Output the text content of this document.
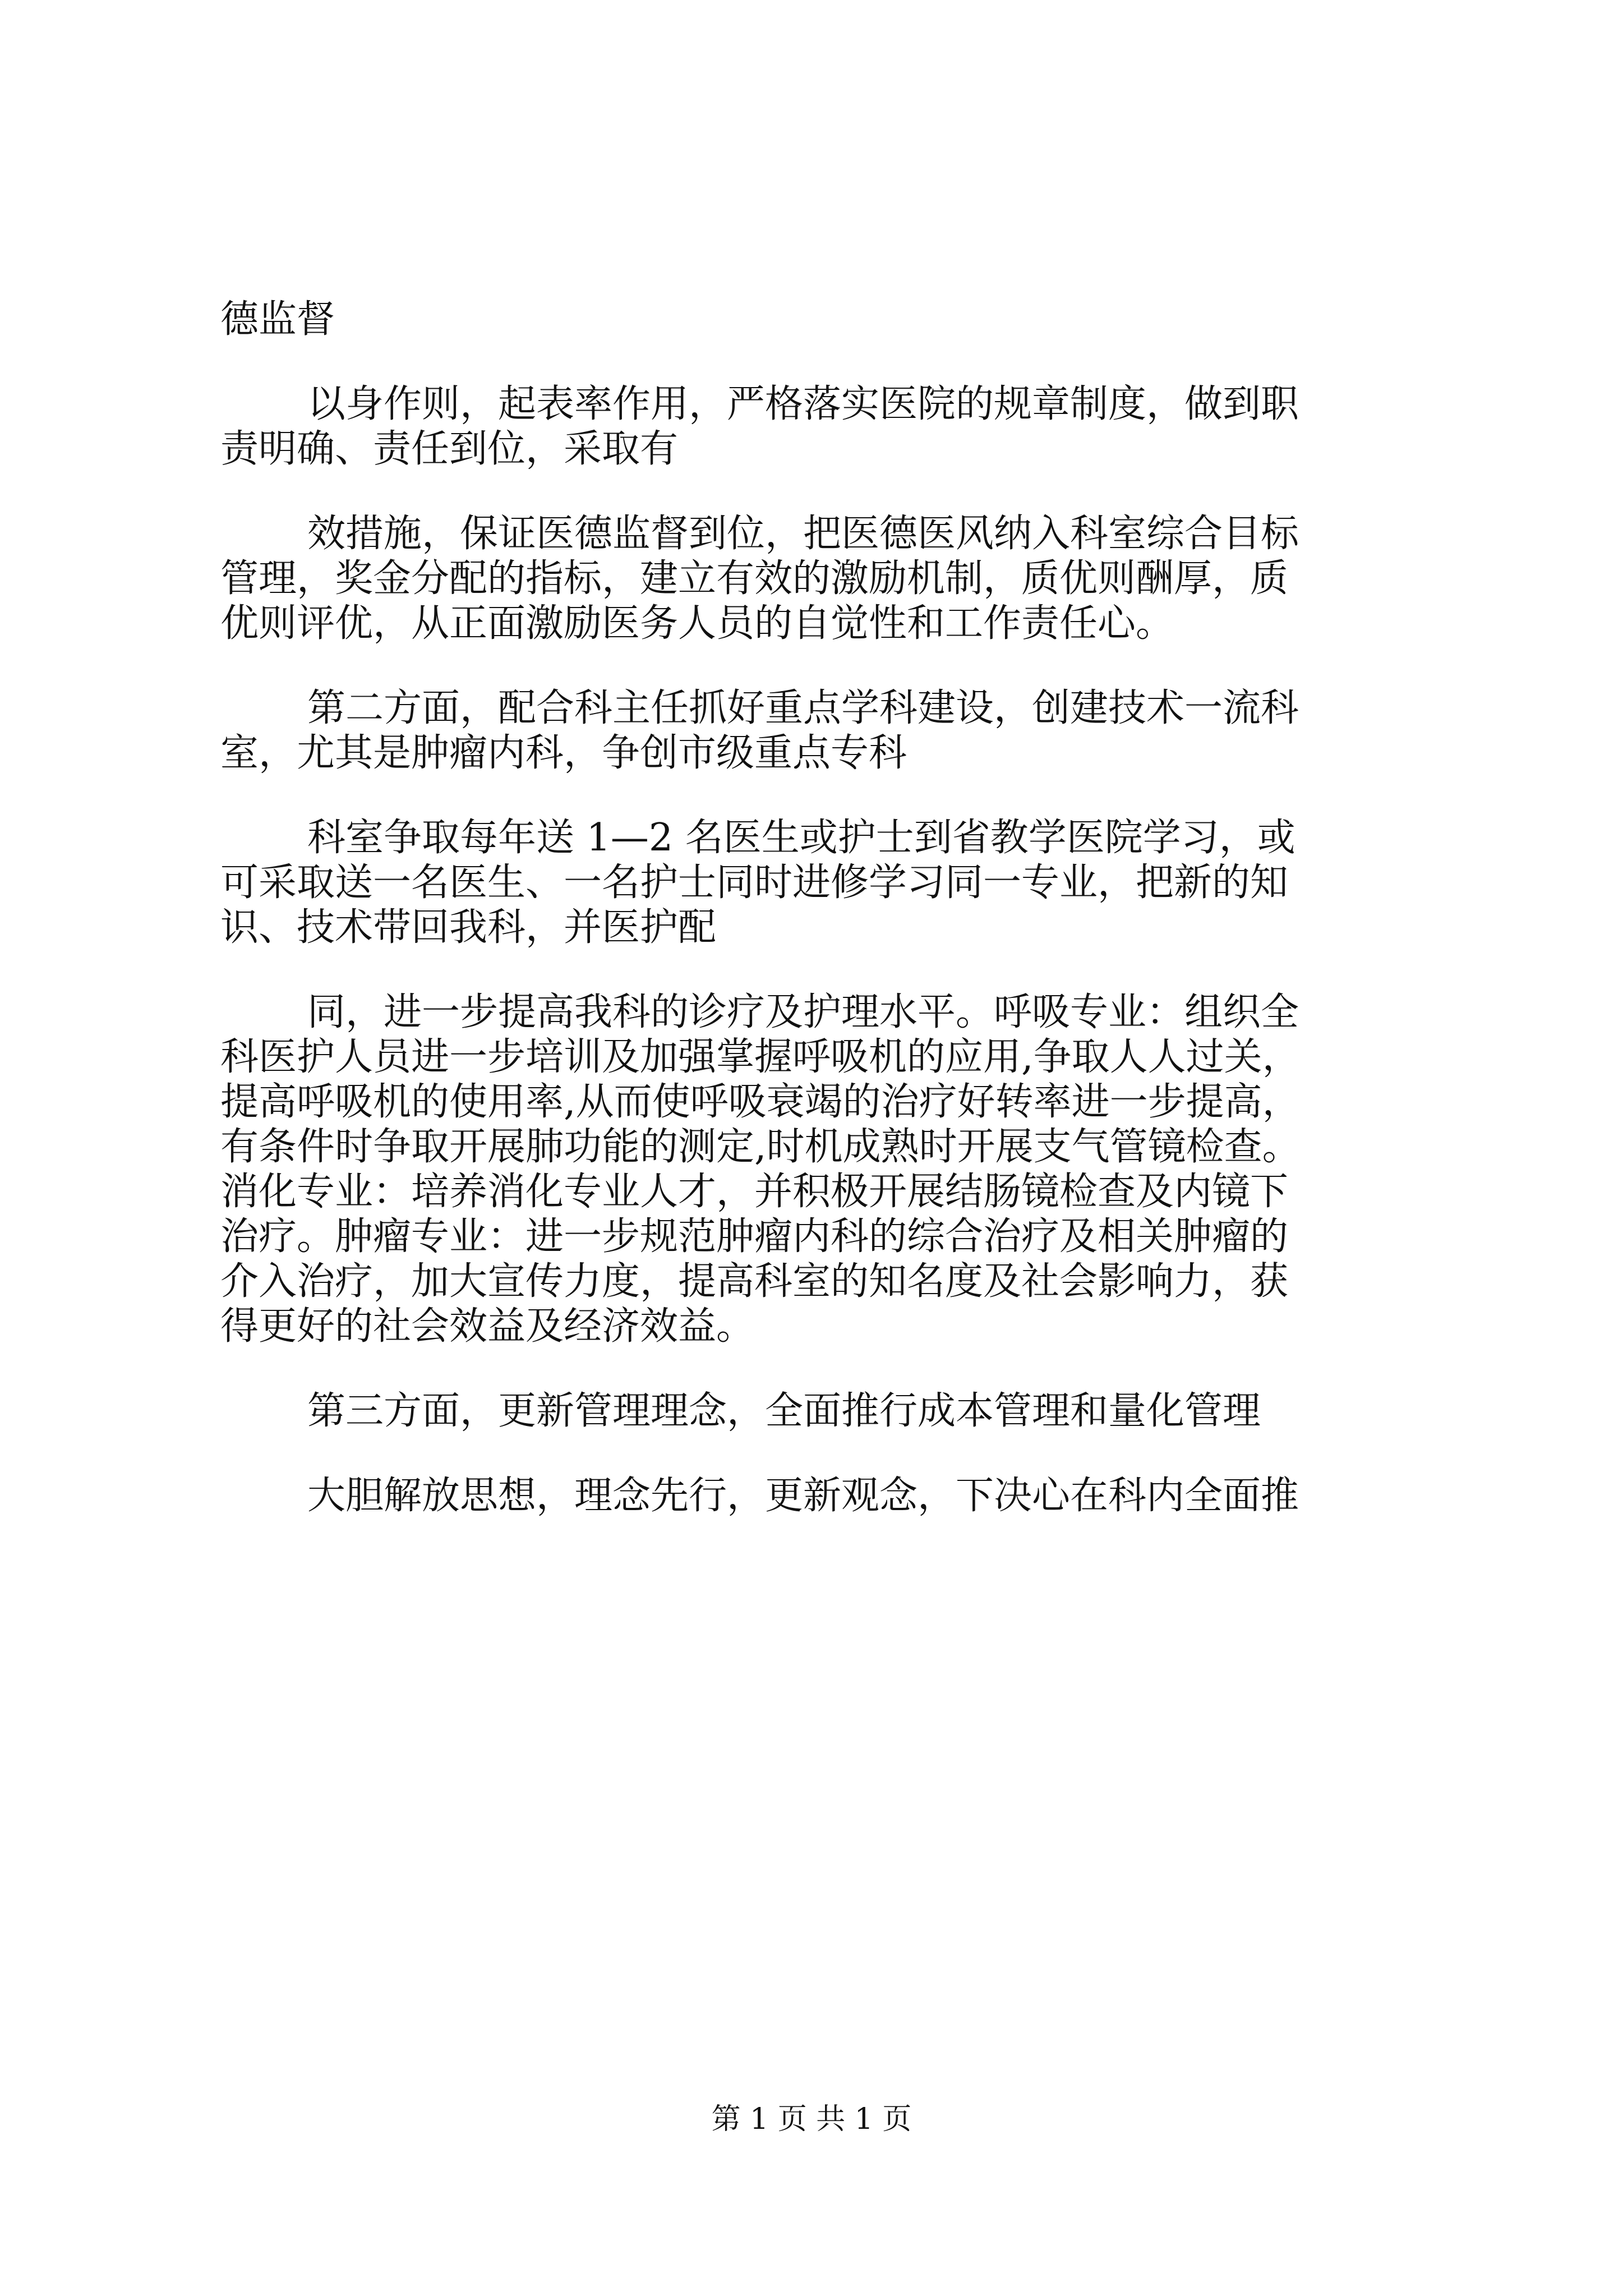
德监督

以身作则，起表率作用，严格落实医院的规章制度，做到职

责明确、责任到位，采取有

效措施，保证医德监督到位，把医德医风纳入科室综合目标

管理，奖金分配的指标，建立有效的激励机制，质优则酬厚，质

优则评优，从正面激励医务人员的自觉性和工作责任心。

第二方面，配合科主任抓好重点学科建设，创建技术一流科

室，尤其是肿瘤内科，争创市级重点专科

科室争取每年送 1—2 名医生或护士到省教学医院学习，或

可采取送一名医生、一名护士同时进修学习同一专业，把新的知

识、技术带回我科，并医护配

同，进一步提高我科的诊疗及护理水平。呼吸专业：组织全

科医护人员进一步培训及加强掌握呼吸机的应用,争取人人过关，

提高呼吸机的使用率,从而使呼吸衰竭的治疗好转率进一步提高，

有条件时争取开展肺功能的测定,时机成熟时开展支气管镜检查。

消化专业：培养消化专业人才，并积极开展结肠镜检查及内镜下

治疗。肿瘤专业：进一步规范肿瘤内科的综合治疗及相关肿瘤的

介入治疗，加大宣传力度，提高科室的知名度及社会影响力，获

得更好的社会效益及经济效益。

第三方面，更新管理理念，全面推行成本管理和量化管理

大胆解放思想，理念先行，更新观念，下决心在科内全面推

第 1 页 共 1 页
